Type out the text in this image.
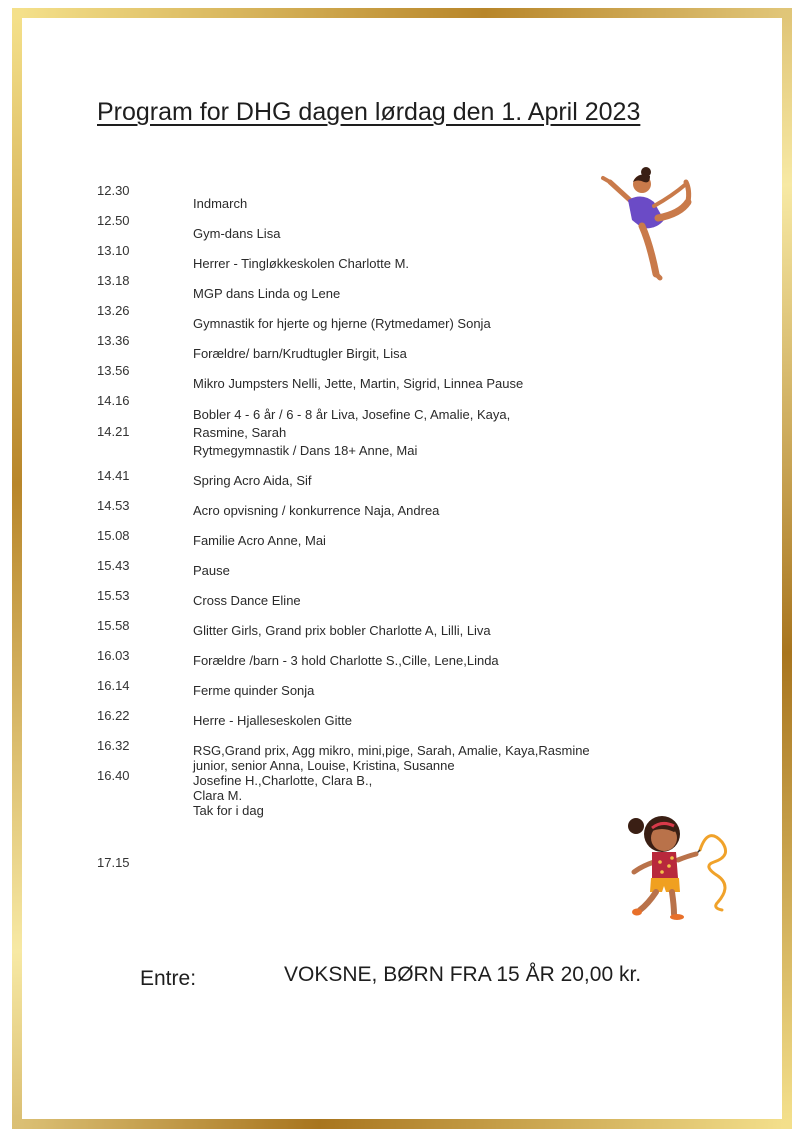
Program for DHG dagen lørdag den 1. April 2023
12.30
12.50
13.10
13.18
13.26
13.36
13.56
14.16
14.21
14.41
14.53
15.08
15.43
15.53
15.58
16.03
16.14
16.22
16.32
16.40
17.15
Indmarch
Gym-dans Lisa
Herrer - Tingløkkeskolen Charlotte M.
MGP dans Linda og Lene
Gymnastik for hjerte og hjerne (Rytmedamer) Sonja
Forældre/ barn/Krudtugler Birgit, Lisa
Mikro Jumpsters Nelli, Jette, Martin, Sigrid, Linnea Pause
Bobler 4 - 6 år / 6 - 8 år Liva, Josefine C, Amalie, Kaya,
Rasmine, Sarah
Rytmegymnastik / Dans 18+ Anne, Mai
Spring Acro Aida, Sif
Acro opvisning / konkurrence Naja, Andrea
Familie Acro Anne, Mai
Pause
Cross Dance Eline
Glitter Girls, Grand prix bobler Charlotte A, Lilli, Liva
Forældre /barn - 3 hold Charlotte S.,Cille, Lene,Linda
Ferme quinder Sonja
Herre - Hjalleseskolen Gitte
RSG,Grand prix, Agg mikro, mini,pige, Sarah, Amalie, Kaya,Rasmine
junior, senior Anna, Louise, Kristina, Susanne
Josefine H.,Charlotte, Clara B.,
Clara M.
Tak for i dag
Entre:	VOKSNE, BØRN FRA 15 ÅR 20,00 kr.
